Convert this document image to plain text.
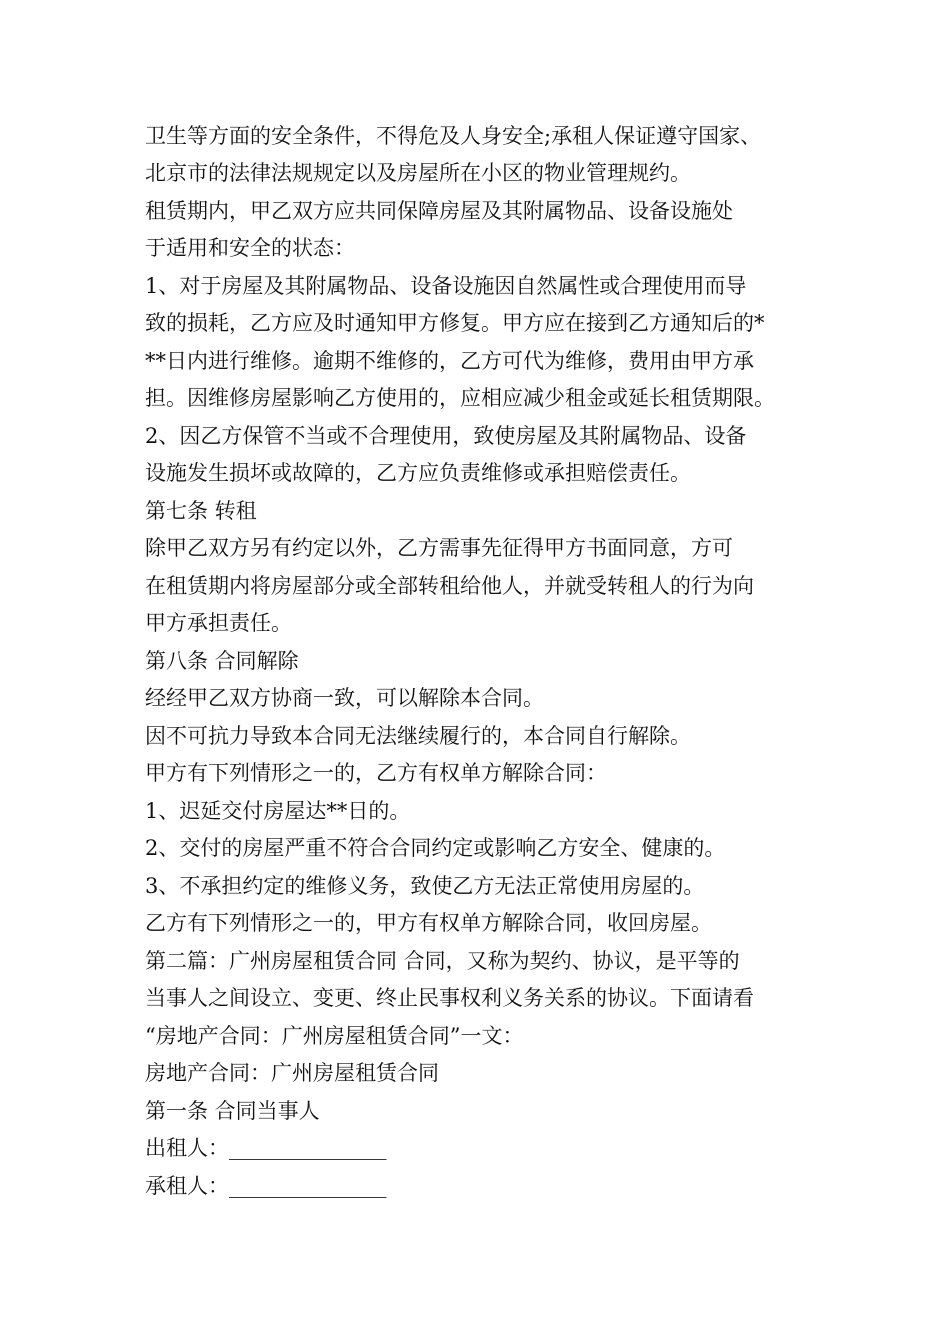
卫生等方面的安全条件，不得危及人身安全;承租人保证遵守国家、
北京市的法律法规规定以及房屋所在小区的物业管理规约。
租赁期内，甲乙双方应共同保障房屋及其附属物品、设备设施处
于适用和安全的状态：
1、对于房屋及其附属物品、设备设施因自然属性或合理使用而导
致的损耗，乙方应及时通知甲方修复。甲方应在接到乙方通知后的*
**日内进行维修。逾期不维修的，乙方可代为维修，费用由甲方承
担。因维修房屋影响乙方使用的，应相应减少租金或延长租赁期限。
2、因乙方保管不当或不合理使用，致使房屋及其附属物品、设备
设施发生损坏或故障的，乙方应负责维修或承担赔偿责任。
第七条 转租
除甲乙双方另有约定以外，乙方需事先征得甲方书面同意，方可
在租赁期内将房屋部分或全部转租给他人，并就受转租人的行为向
甲方承担责任。
第八条 合同解除
经经甲乙双方协商一致，可以解除本合同。
因不可抗力导致本合同无法继续履行的，本合同自行解除。
甲方有下列情形之一的，乙方有权单方解除合同：
1、迟延交付房屋达**日的。
2、交付的房屋严重不符合合同约定或影响乙方安全、健康的。
3、不承担约定的维修义务，致使乙方无法正常使用房屋的。
乙方有下列情形之一的，甲方有权单方解除合同，收回房屋。
第二篇：广州房屋租赁合同 合同，又称为契约、协议，是平等的
当事人之间设立、变更、终止民事权利义务关系的协议。下面请看
“房地产合同：广州房屋租赁合同”一文：
房地产合同：广州房屋租赁合同
第一条 合同当事人
出租人：_______________
承租人：_______________
